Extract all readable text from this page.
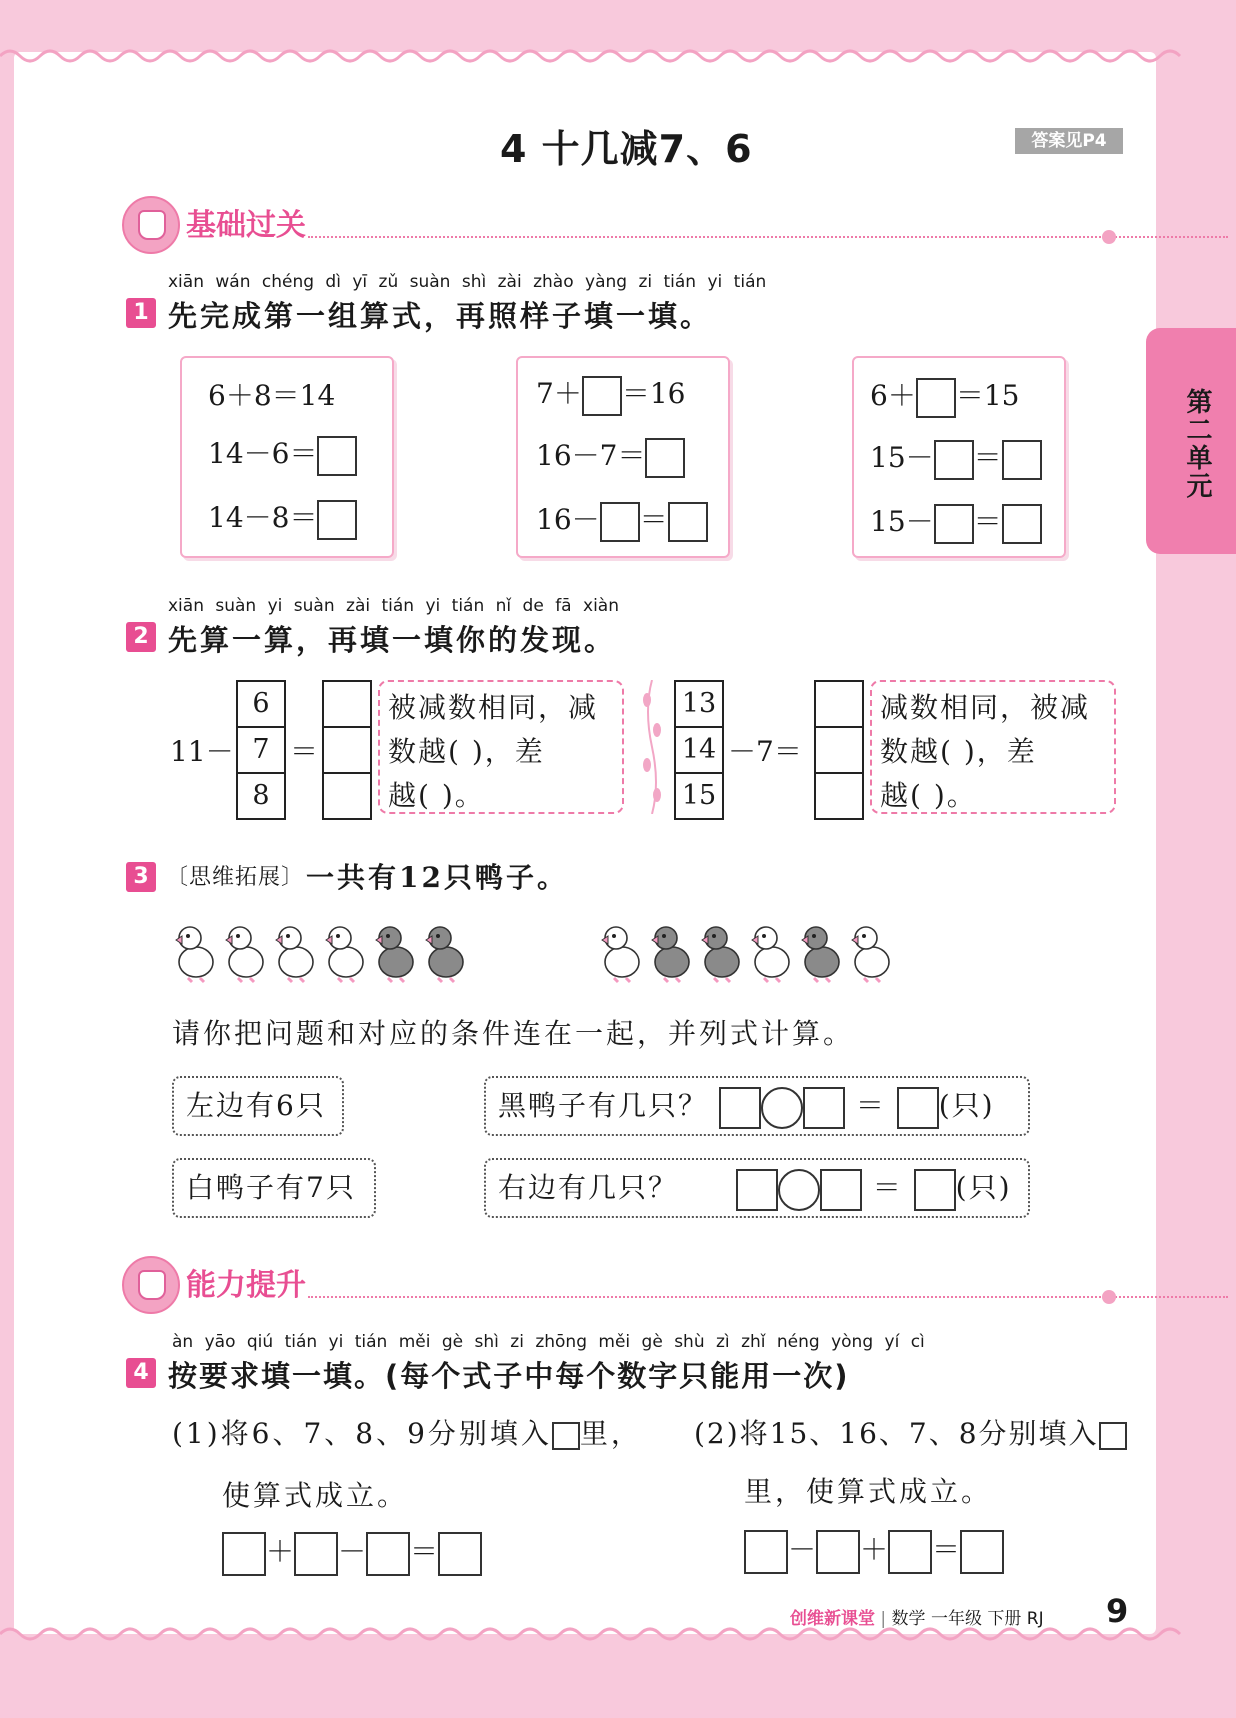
4 十几减7、6	答案见P4
第二单元
基础过关
xiān wán chéng dì yī zǔ suàn shì zài zhào yàng zi tián yi tián
1 先完成第一组算式，再照样子填一填。
6＋8＝14
14－6＝
14－8＝
7＋ ＝16
16－7＝
16－ ＝
6＋ ＝15
15－ ＝
15－ ＝
xiān suàn yi suàn zài tián yi tián nǐ de fā xiàn
2 先算一算，再填一填你的发现。
11－
6
7
8
＝
被减数相同，减
数越( )，差
越( )。
13
14
15
－7＝
减数相同，被减
数越( )，差
越( )。
3 〔思维拓展〕 一共有12只鸭子。
请你把问题和对应的条件连在一起，并列式计算。
左边有6只
白鸭子有7只
黑鸭子有几只？	＝ (只)
右边有几只？	＝ (只)
能力提升
àn yāo qiú tián yi tián měi gè shì zi zhōng měi gè shù zì zhǐ néng yòng yí cì
4 按要求填一填。(每个式子中每个数字只能用一次)
(1)将6、7、8、9分别填入 里，
使算式成立。
＋ － ＝
(2)将15、16、7、8分别填入
里，使算式成立。
－ ＋ ＝
创维新课堂 | 数学 一年级 下册 RJ 9
